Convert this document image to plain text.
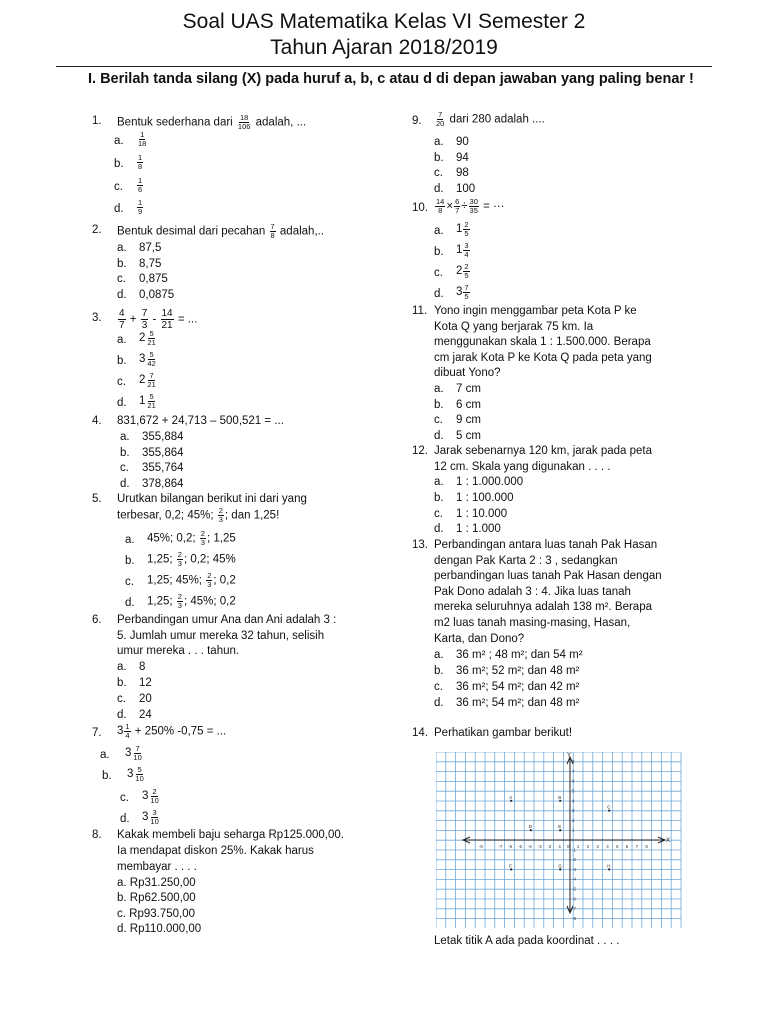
Soal UAS Matematika Kelas VI Semester 2
Tahun Ajaran 2018/2019
I. Berilah tanda silang (X) pada huruf a, b, c atau d di depan jawaban yang paling benar !
1. Bentuk sederhana dari $\frac{18}{106}$ adalah, ...
a. $\frac{1}{18}$
b. $\frac{1}{8}$
c. $\frac{1}{6}$
d. $\frac{1}{9}$
2. Bentuk desimal dari pecahan $\frac{7}{8}$ adalah,..
a. 87,5
b. 8,75
c. 0,875
d. 0,0875
3. $\frac{4}{7} + \frac{7}{3} - \frac{14}{21}$ = ...
a. $2 \frac{5}{21}$
b. $3 \frac{5}{42}$
c. $2 \frac{7}{21}$
d. $1 \frac{5}{21}$
4. 831,672 + 24,713 – 500,521 = ...
a. 355,884
b. 355,864
c. 355,764
d. 378,864
5. Urutkan bilangan berikut ini dari yang
terbesar, 0,2; 45%; $\frac{2}{3}$ ; dan 1,25!
a. 45%; 0,2; $\frac{2}{3}$ ; 1,25
b. 1,25; $\frac{2}{3}$ ; 0,2; 45%
c. 1,25; 45%; $\frac{2}{3}$ ; 0,2
d. 1,25; $\frac{2}{3}$ ; 45%; 0,2
6. Perbandingan umur Ana dan Ani adalah 3 :
5. Jumlah umur mereka 32 tahun, selisih
umur mereka . . . tahun.
a. 8
b. 12
c. 20
d. 24
7. $3 \frac{1}{4} + 250\%$ -0,75 = ...
a. $3 \frac{7}{10}$
b. $3 \frac{5}{10}$
c. $3 \frac{2}{10}$
d. $3 \frac{3}{10}$
8. Kakak membeli baju seharga Rp125.000,00.
Ia mendapat diskon 25%. Kakak harus
membayar . . . .
a. Rp31.250,00
b. Rp62.500,00
c. Rp93.750,00
d. Rp110.000,00
9. $\frac{7}{20}$ dari 280 adalah ....
a. 90
b. 94
c. 98
d. 100
10. $\frac{14}{8} \times \frac{6}{7} \div \frac{30}{35}$ = ···
a. $1 \frac{2}{5}$
b. $1 \frac{3}{4}$
c. $2 \frac{2}{5}$
d. $3 \frac{7}{5}$
11. Yono ingin menggambar peta Kota P ke
Kota Q yang berjarak 75 km. Ia
menggunakan skala 1 : 1.500.000. Berapa
cm jarak Kota P ke Kota Q pada peta yang
dibuat Yono?
a. 7 cm
b. 6 cm
c. 9 cm
d. 5 cm
12. Jarak sebenarnya 120 km, jarak pada peta
12 cm. Skala yang digunakan . . . .
a. 1 : 1.000.000
b. 1 : 100.000
c. 1 : 10.000
d. 1 : 1.000
13. Perbandingan antara luas tanah Pak Hasan
dengan Pak Karta 2 : 3 , sedangkan
perbandingan luas tanah Pak Hasan dengan
Pak Dono adalah 3 : 4. Jika luas tanah
mereka seluruhnya adalah 138 m². Berapa
m2 luas tanah masing-masing, Hasan,
Karta, dan Dono?
a. 36 m² ; 48 m²; dan 54 m²
b. 36 m²; 52 m²; dan 48 m²
c. 36 m²; 54 m²; dan 42 m²
d. 36 m²; 54 m²; dan 48 m²
14. Perhatikan gambar berikut!
Letak titik A ada pada koordinat . . . .
X
Y
-9	-7 -6 -5 -4 -3 -2 -1 0 1 2 3 4 5 6 7 8
8
7
6
5
4
3
2
1
-1
-2
-3
-4
-5
-6
-7
-8
A	B
C
D	E
F	G	H
